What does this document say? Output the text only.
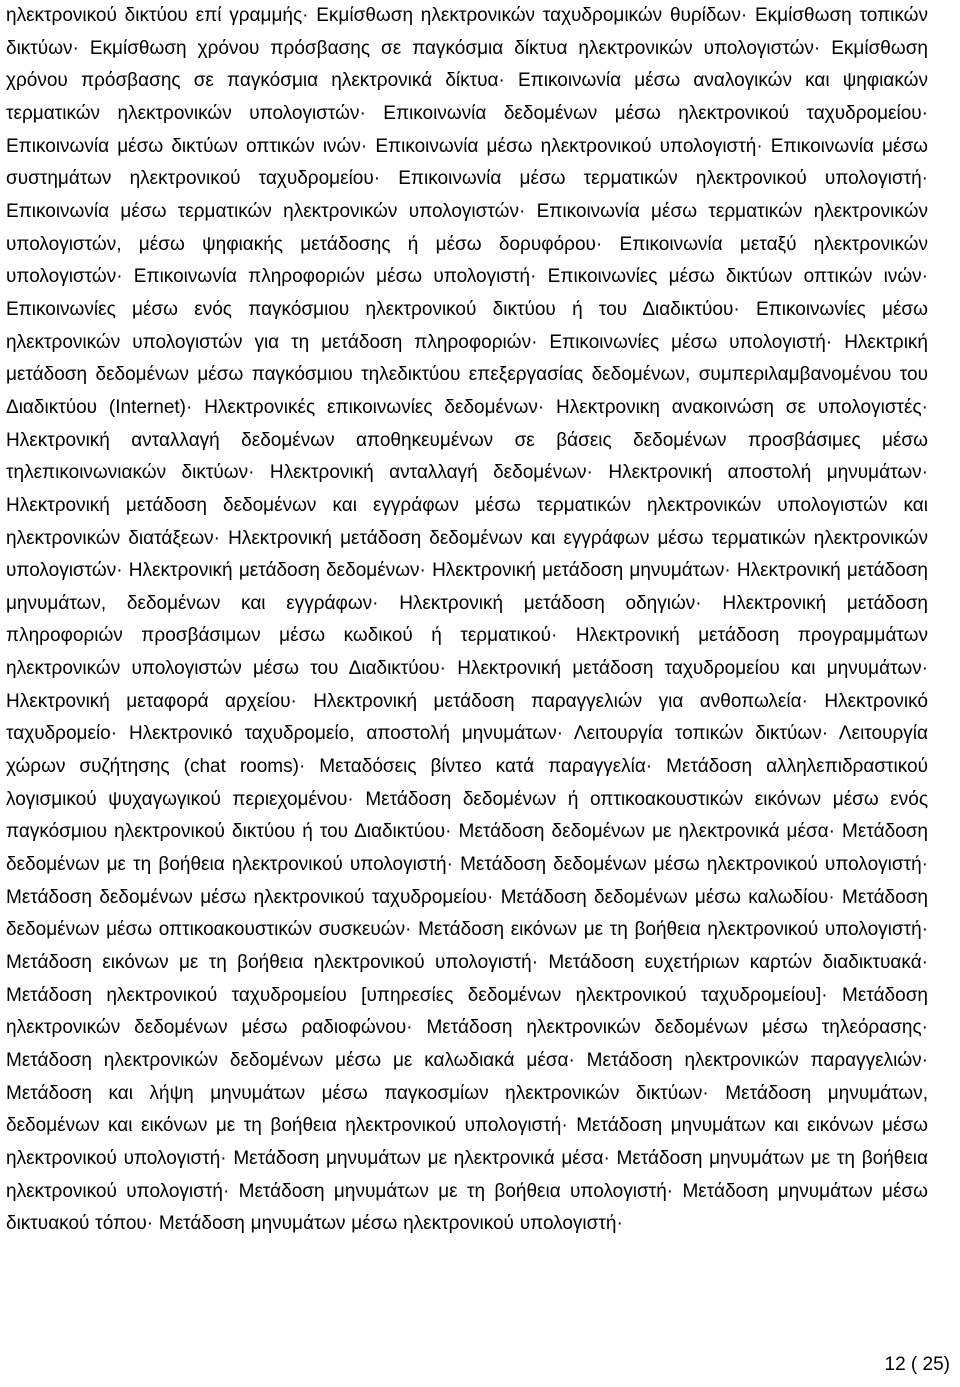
ηλεκτρονικού δικτύου επί γραμμής· Εκμίσθωση ηλεκτρονικών ταχυδρομικών θυρίδων· Εκμίσθωση τοπικών δικτύων· Εκμίσθωση χρόνου πρόσβασης σε παγκόσμια δίκτυα ηλεκτρονικών υπολογιστών· Εκμίσθωση χρόνου πρόσβασης σε παγκόσμια ηλεκτρονικά δίκτυα· Επικοινωνία μέσω αναλογικών και ψηφιακών τερματικών ηλεκτρονικών υπολογιστών· Επικοινωνία δεδομένων μέσω ηλεκτρονικού ταχυδρομείου· Επικοινωνία μέσω δικτύων οπτικών ινών· Επικοινωνία μέσω ηλεκτρονικού υπολογιστή· Επικοινωνία μέσω συστημάτων ηλεκτρονικού ταχυδρομείου· Επικοινωνία μέσω τερματικών ηλεκτρονικού υπολογιστή· Επικοινωνία μέσω τερματικών ηλεκτρονικών υπολογιστών· Επικοινωνία μέσω τερματικών ηλεκτρονικών υπολογιστών, μέσω ψηφιακής μετάδοσης ή μέσω δορυφόρου· Επικοινωνία μεταξύ ηλεκτρονικών υπολογιστών· Επικοινωνία πληροφοριών μέσω υπολογιστή· Επικοινωνίες μέσω δικτύων οπτικών ινών· Επικοινωνίες μέσω ενός παγκόσμιου ηλεκτρονικού δικτύου ή του Διαδικτύου· Επικοινωνίες μέσω ηλεκτρονικών υπολογιστών για τη μετάδοση πληροφοριών· Επικοινωνίες μέσω υπολογιστή· Ηλεκτρική μετάδοση δεδομένων μέσω παγκόσμιου τηλεδικτύου επεξεργασίας δεδομένων, συμπεριλαμβανομένου του Διαδικτύου (Internet)· Ηλεκτρονικές επικοινωνίες δεδομένων· Ηλεκτρονικη ανακοινώση σε υπολογιστές· Ηλεκτρονική ανταλλαγή δεδομένων αποθηκευμένων σε βάσεις δεδομένων προσβάσιμες μέσω τηλεπικοινωνιακών δικτύων· Ηλεκτρονική ανταλλαγή δεδομένων· Ηλεκτρονική αποστολή μηνυμάτων· Ηλεκτρονική μετάδοση δεδομένων και εγγράφων μέσω τερματικών ηλεκτρονικών υπολογιστών και ηλεκτρονικών διατάξεων· Ηλεκτρονική μετάδοση δεδομένων και εγγράφων μέσω τερματικών ηλεκτρονικών υπολογιστών· Ηλεκτρονική μετάδοση δεδομένων· Ηλεκτρονική μετάδοση μηνυμάτων· Ηλεκτρονική μετάδοση μηνυμάτων, δεδομένων και εγγράφων· Ηλεκτρονική μετάδοση οδηγιών· Ηλεκτρονική μετάδοση πληροφοριών προσβάσιμων μέσω κωδικού ή τερματικού· Ηλεκτρονική μετάδοση προγραμμάτων ηλεκτρονικών υπολογιστών μέσω του Διαδικτύου· Ηλεκτρονική μετάδοση ταχυδρομείου και μηνυμάτων· Ηλεκτρονική μεταφορά αρχείου· Ηλεκτρονική μετάδοση παραγγελιών για ανθοπωλεία· Ηλεκτρονικό ταχυδρομείο· Ηλεκτρονικό ταχυδρομείο, αποστολή μηνυμάτων· Λειτουργία τοπικών δικτύων· Λειτουργία χώρων συζήτησης (chat rooms)· Μεταδόσεις βίντεο κατά παραγγελία· Μετάδοση αλληλεπιδραστικού λογισμικού ψυχαγωγικού περιεχομένου· Μετάδοση δεδομένων ή οπτικοακουστικών εικόνων μέσω ενός παγκόσμιου ηλεκτρονικού δικτύου ή του Διαδικτύου· Μετάδοση δεδομένων με ηλεκτρονικά μέσα· Μετάδοση δεδομένων με τη βοήθεια ηλεκτρονικού υπολογιστή· Μετάδοση δεδομένων μέσω ηλεκτρονικού υπολογιστή· Μετάδοση δεδομένων μέσω ηλεκτρονικού ταχυδρομείου· Μετάδοση δεδομένων μέσω καλωδίου· Μετάδοση δεδομένων μέσω οπτικοακουστικών συσκευών· Μετάδοση εικόνων με τη βοήθεια ηλεκτρονικού υπολογιστή· Μετάδοση εικόνων με τη βοήθεια ηλεκτρονικού υπολογιστή· Μετάδοση ευχετήριων καρτών διαδικτυακά· Μετάδοση ηλεκτρονικού ταχυδρομείου [υπηρεσίες δεδομένων ηλεκτρονικού ταχυδρομείου]· Μετάδοση ηλεκτρονικών δεδομένων μέσω ραδιοφώνου· Μετάδοση ηλεκτρονικών δεδομένων μέσω τηλεόρασης· Μετάδοση ηλεκτρονικών δεδομένων μέσω με καλωδιακά μέσα· Μετάδοση ηλεκτρονικών παραγγελιών· Μετάδοση και λήψη μηνυμάτων μέσω παγκοσμίων ηλεκτρονικών δικτύων· Μετάδοση μηνυμάτων, δεδομένων και εικόνων με τη βοήθεια ηλεκτρονικού υπολογιστή· Μετάδοση μηνυμάτων και εικόνων μέσω ηλεκτρονικού υπολογιστή· Μετάδοση μηνυμάτων με ηλεκτρονικά μέσα· Μετάδοση μηνυμάτων με τη βοήθεια ηλεκτρονικού υπολογιστή· Μετάδοση μηνυμάτων με τη βοήθεια υπολογιστή· Μετάδοση μηνυμάτων μέσω δικτυακού τόπου· Μετάδοση μηνυμάτων μέσω ηλεκτρονικού υπολογιστή·

12 ( 25)
